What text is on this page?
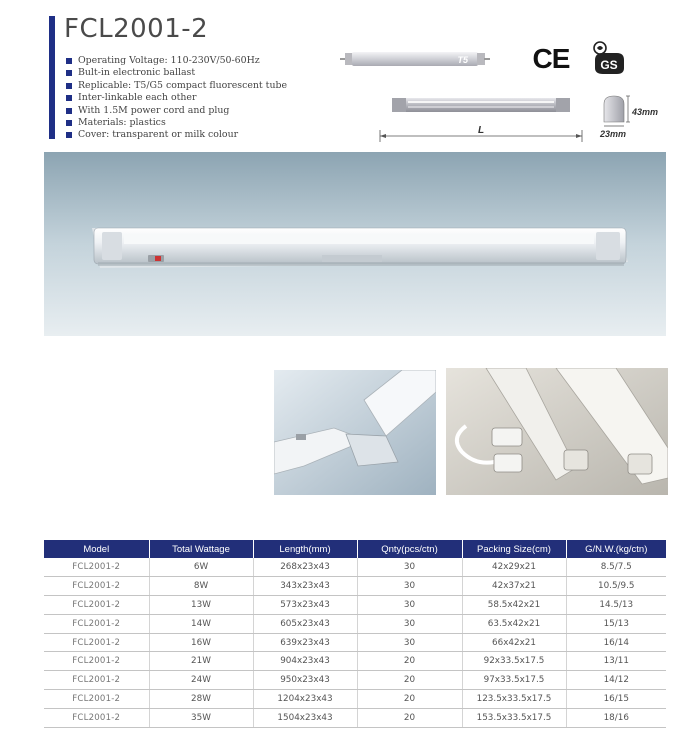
FCL2001-2
Operating Voltage: 110-230V/50-60Hz
Bult-in electronic ballast
Replicable: T5/G5 compact fluorescent tube
Inter-linkable each other
With 1.5M power cord and plug
Materials: plastics
Cover: transparent or milk colour
T5
L
43mm
23mm
CE	GS
Model	Total Wattage	Length(mm)	Qnty(pcs/ctn)	Packing Size(cm)	G/N.W.(kg/ctn)
FCL2001-2	6W	268x23x43	30	42x29x21	8.5/7.5
FCL2001-2	8W	343x23x43	30	42x37x21	10.5/9.5
FCL2001-2	13W	573x23x43	30	58.5x42x21	14.5/13
FCL2001-2	14W	605x23x43	30	63.5x42x21	15/13
FCL2001-2	16W	639x23x43	30	66x42x21	16/14
FCL2001-2	21W	904x23x43	20	92x33.5x17.5	13/11
FCL2001-2	24W	950x23x43	20	97x33.5x17.5	14/12
FCL2001-2	28W	1204x23x43	20	123.5x33.5x17.5	16/15
FCL2001-2	35W	1504x23x43	20	153.5x33.5x17.5	18/16
